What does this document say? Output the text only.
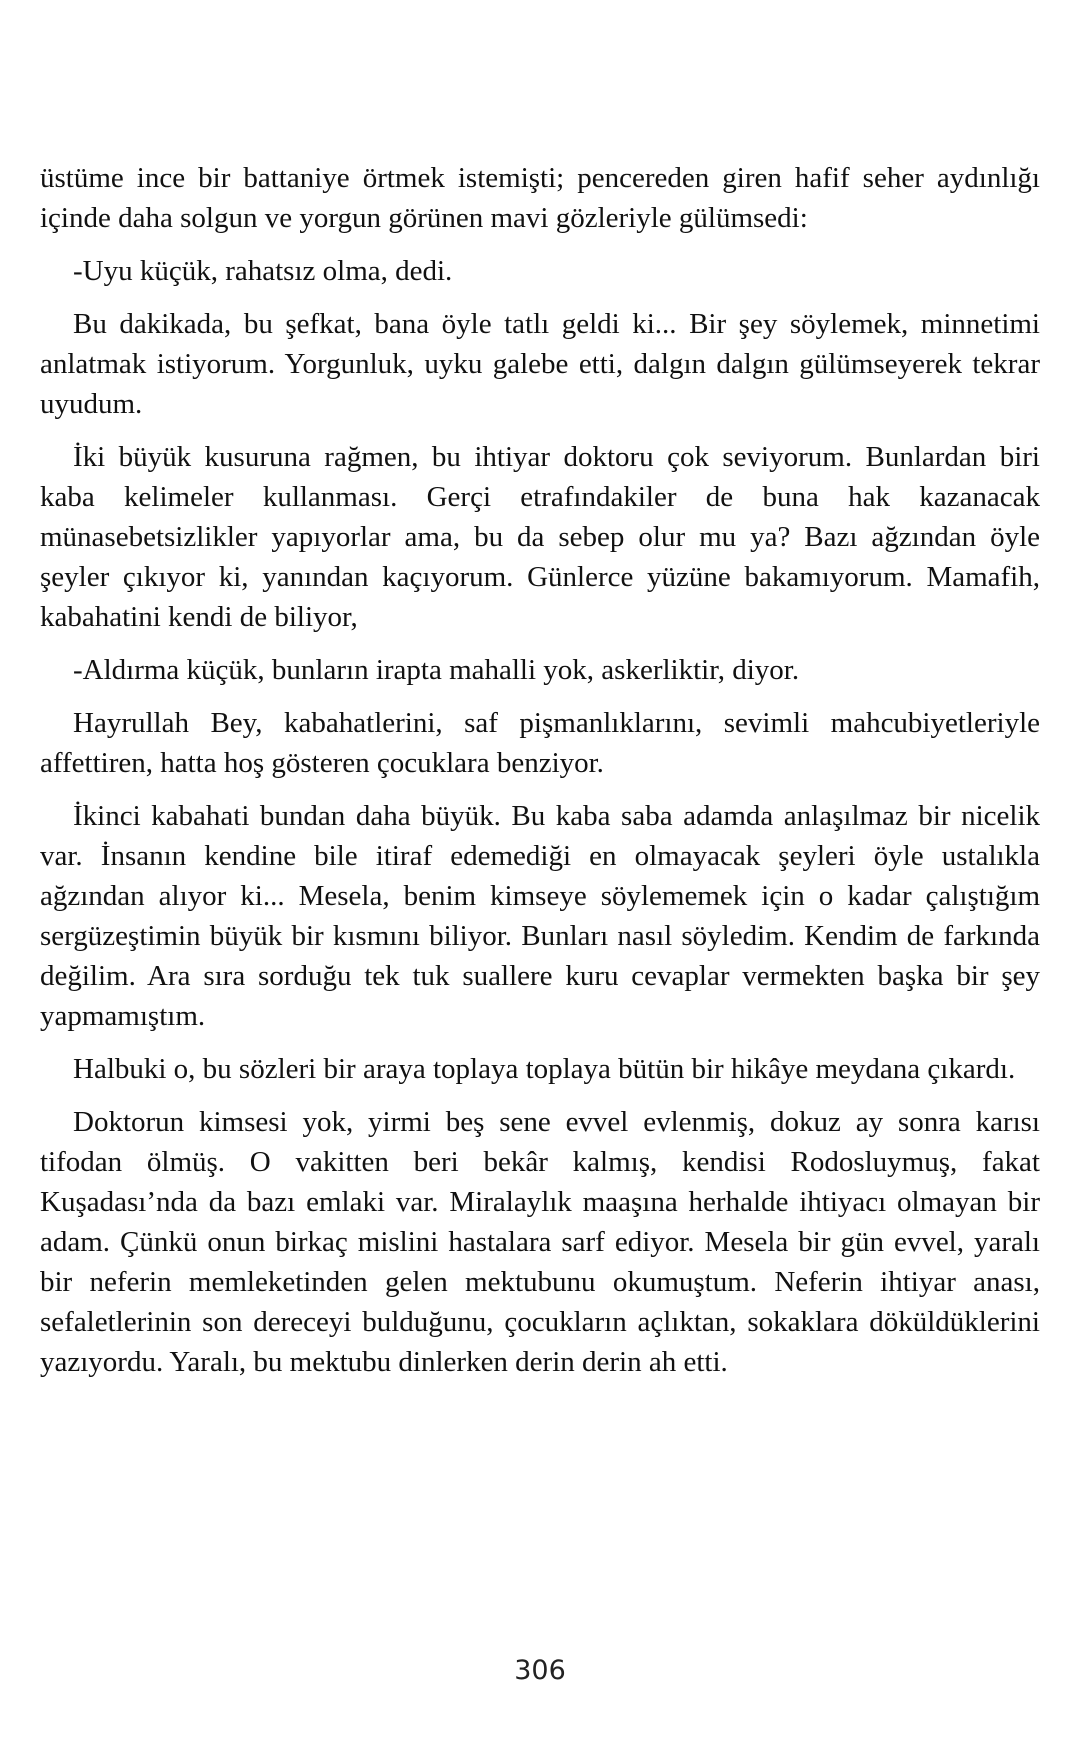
üstüme ince bir battaniye örtmek istemişti; pencereden giren hafif seher aydınlığı içinde daha solgun ve yorgun görünen mavi gözleriyle gülümsedi:

-Uyu küçük, rahatsız olma, dedi.

Bu dakikada, bu şefkat, bana öyle tatlı geldi ki... Bir şey söylemek, minnetimi anlatmak istiyorum. Yorgunluk, uyku galebe etti, dalgın dalgın gülümseyerek tekrar uyudum.

İki büyük kusuruna rağmen, bu ihtiyar doktoru çok seviyorum. Bunlardan biri kaba kelimeler kullanması. Gerçi etrafındakiler de buna hak kazanacak münasebetsizlikler yapıyorlar ama, bu da sebep olur mu ya? Bazı ağzından öyle şeyler çıkıyor ki, yanından kaçıyorum. Günlerce yüzüne bakamıyorum. Mamafih, kabahatini kendi de biliyor,

-Aldırma küçük, bunların irapta mahalli yok, askerliktir, diyor.

Hayrullah Bey, kabahatlerini, saf pişmanlıklarını, sevimli mahcubiyetleriyle affettiren, hatta hoş gösteren çocuklara benziyor.

İkinci kabahati bundan daha büyük. Bu kaba saba adamda anlaşılmaz bir nicelik var. İnsanın kendine bile itiraf edemediği en olmayacak şeyleri öyle ustalıkla ağzından alıyor ki... Mesela, benim kimseye söylememek için o kadar çalıştığım sergüzeştimin büyük bir kısmını biliyor. Bunları nasıl söyledim. Kendim de farkında değilim. Ara sıra sorduğu tek tuk suallere kuru cevaplar vermekten başka bir şey yapmamıştım.

Halbuki o, bu sözleri bir araya toplaya toplaya bütün bir hikâye meydana çıkardı.

Doktorun kimsesi yok, yirmi beş sene evvel evlenmiş, dokuz ay sonra karısı tifodan ölmüş. O vakitten beri bekâr kalmış, kendisi Rodosluymuş, fakat Kuşadası’nda da bazı emlaki var. Miralaylık maaşına herhalde ihtiyacı olmayan bir adam. Çünkü onun birkaç mislini hastalara sarf ediyor. Mesela bir gün evvel, yaralı bir neferin memleketinden gelen mektubunu okumuştum. Neferin ihtiyar anası, sefaletlerinin son dereceyi bulduğunu, çocukların açlıktan, sokaklara döküldüklerini yazıyordu. Yaralı, bu mektubu dinlerken derin derin ah etti.

306
